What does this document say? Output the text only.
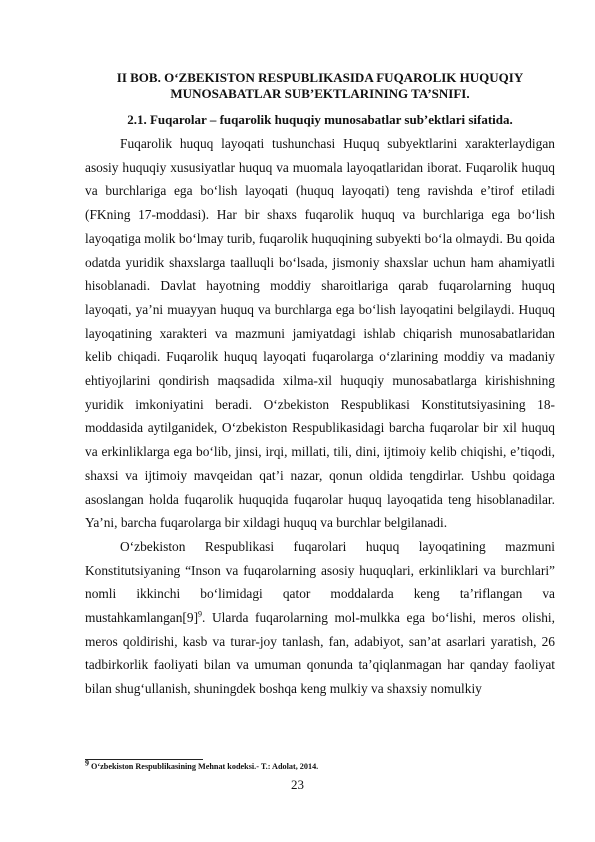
II BOB. O‘ZBEKISTON RESPUBLIKASIDA FUQAROLIK HUQUQIY MUNOSABATLAR SUB’EKTLARINING TA’SNIFI.
2.1. Fuqarolar – fuqarolik huquqiy munosabatlar sub’ektlari sifatida.

Fuqarolik huquq layoqati tushunchasi Huquq subyektlarini xarakterlaydigan asosiy huquqiy xususiyatlar huquq va muomala layoqatlaridan iborat. Fuqarolik huquq va burchlariga ega bo‘lish layoqati (huquq layoqati) teng ravishda e’tirof etiladi (FKning 17-moddasi). Har bir shaxs fuqarolik huquq va burchlariga ega bo‘lish layoqatiga molik bo‘lmay turib, fuqarolik huquqining subyekti bo‘la olmaydi. Bu qoida odatda yuridik shaxslarga taalluqli bo‘lsada, jismoniy shaxslar uchun ham ahamiyatli hisoblanadi. Davlat hayotning moddiy sharoitlariga qarab fuqarolarning huquq layoqati, ya’ni muayyan huquq va burchlarga ega bo‘lish layoqatini belgilaydi. Huquq layoqatining xarakteri va mazmuni jamiyatdagi ishlab chiqarish munosabatlaridan kelib chiqadi. Fuqarolik huquq layoqati fuqarolarga o‘zlarining moddiy va madaniy ehtiyojlarini qondirish maqsadida xilma-xil huquqiy munosabatlarga kirishishning yuridik imkoniyatini beradi. O‘zbekiston Respublikasi Konstitutsiyasining 18-moddasida aytilganidek, O‘zbekiston Respublikasidagi barcha fuqarolar bir xil huquq va erkinliklarga ega bo‘lib, jinsi, irqi, millati, tili, dini, ijtimoiy kelib chiqishi, e’tiqodi, shaxsi va ijtimoiy mavqeidan qat’i nazar, qonun oldida tengdirlar. Ushbu qoidaga asoslangan holda fuqarolik huquqida fuqarolar huquq layoqatida teng hisoblanadilar. Ya’ni, barcha fuqarolarga bir xildagi huquq va burchlar belgilanadi.

O‘zbekiston Respublikasi fuqarolari huquq layoqatining mazmuni Konstitutsiyaning “Inson va fuqarolarning asosiy huquqlari, erkinliklari va burchlari” nomli ikkinchi bo‘limidagi qator moddalarda keng ta’riflangan va $mustahkamlangan[9]^9$. Ularda fuqarolarning mol-mulkka ega bo‘lishi, meros olishi, meros qoldirishi, kasb va turar-joy tanlash, fan, adabiyot, san’at asarlari yaratish, 26 tadbirkorlik faoliyati bilan va umuman qonunda ta’qiqlanmagan har qanday faoliyat bilan shug‘ullanish, shuningdek boshqa keng mulkiy va shaxsiy nomulkiy

$^9$ O‘zbekiston Respublikasining Mehnat kodeksi.- T.: Adolat, 2014.
23
